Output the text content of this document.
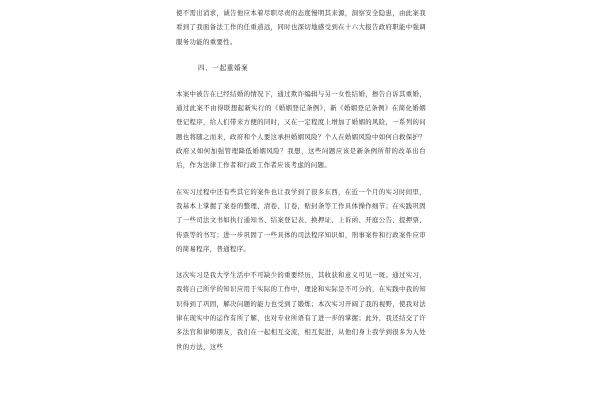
使不需出消求，诚告他应本着尽职尽责的态度慢明其来源，洞察安全隐患，由此案我看到了我面备法工作的任重道远，同时也深切地感受到在十六大报告政府职能中强调服务功能的重要性。

四、一起重婚案

本案中被告在已经结婚的情况下，通过欺诈编辑与另一女性结婚，擦告自诉其重婚，通过此案不由得联想起新实行的《婚姻登记条例》，新《婚姻登记条例》在简化婚姻登记程序，给人们带来方便的同时，又在一定程度上增加了婚姻的风险，一系列的问题也将随之而来，政府和个人要这承担婚姻风险？个人在婚姻风险中如何自救保护？政府又如何加强管理降低婚姻风险？我想，这些问题应该是新条例所带的改革出台后，作为法律工作者和行政工作者应该考虑的问题。

在实习过程中还有些其它的案件也让我学到了很多东西，在近一个月的实习时间里，我基本上掌握了案卷的整理、清卷、订卷，贴封条等工作具体操作细节；在实践巩固了一些司法文书如执行通知书、结案登记表、换押证、上诉函、开庭公告、提押票、传票等的书写；进一步巩固了一些具体的司法程序知识如，刑事案件和行政案件应审的简易程序，普通程序。

这次实习是我大学生活中不可缺少的重要经历，其收获和意义可见一斑。通过实习，我将自己所学的知识应用于实际的工作中，理论和实际是不可分的，在实践中我的知识得到了巩固，解决问题的能力也受到了锻炼；本次实习开阔了我的视野，使我对法律在现实中的运作有所了解，也对专业所语有了进一步的掌握；此外，我还结交了许多法官和律师朋友，我们在一起相互交流，相互促进，从他们身上我学到很多为人处世的方法，这些
